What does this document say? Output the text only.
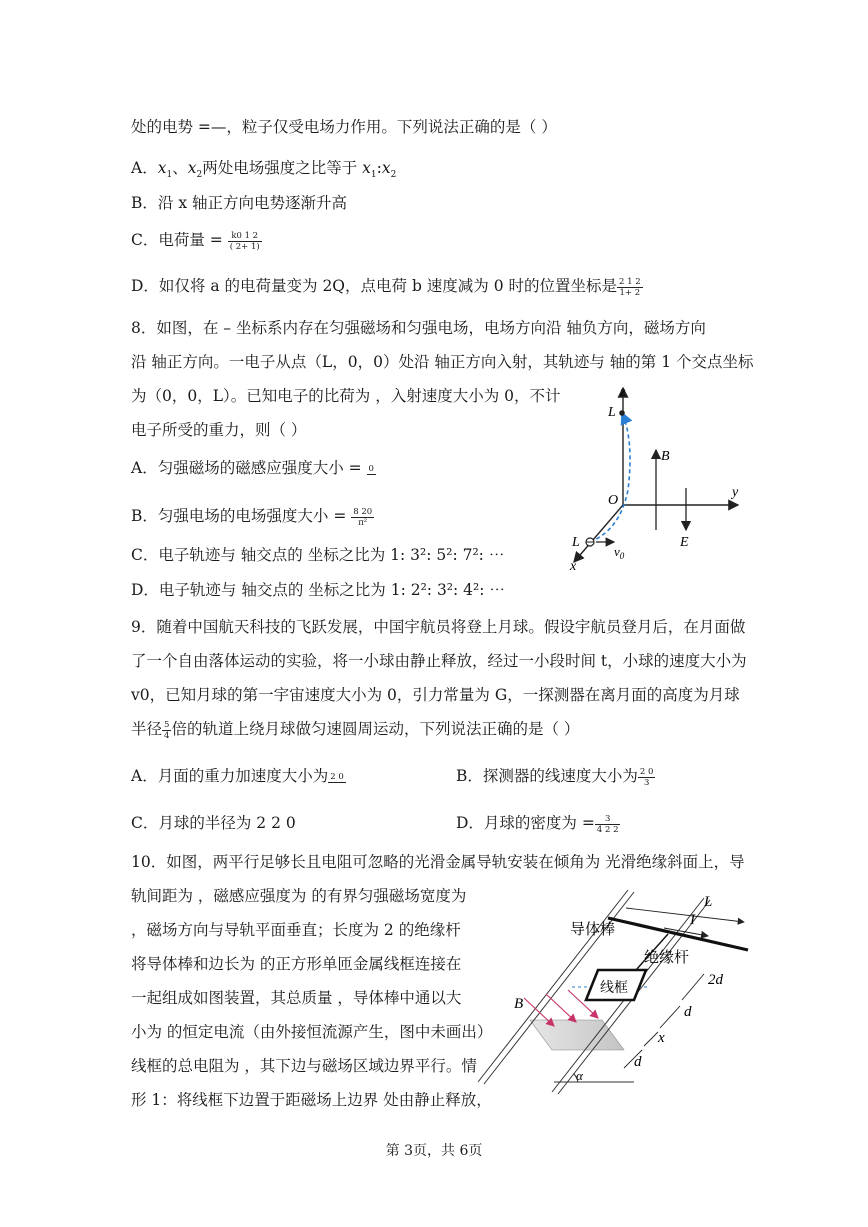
处的电势 =—，粒子仅受电场力作用。下列说法正确的是（ ）
A．$x_1$、$x_2$两处电场强度之比等于 $x_1:x_2$
B．沿 x 轴正方向电势逐渐升高
C．电荷量 = $\frac{k0 1 2}{( 2+ 1)}$
D．如仅将 a 的电荷量变为 2Q，点电荷 b 速度减为 0 时的位置坐标是 $\frac{2 1 2}{1+ 2}$
8．如图，在 – 坐标系内存在匀强磁场和匀强电场，电场方向沿 轴负方向，磁场方向
沿 轴正方向。一电子从点（L，0，0）处沿 轴正方向入射，其轨迹与 轴的第 1 个交点坐标
为（0，0，L）。已知电子的比荷为 ，入射速度大小为 0，不计
电子所受的重力，则（ ）
A．匀强磁场的磁感应强度大小 = 0
B．匀强电场的电场强度大小 = $\frac{8 20}{\text{π²}}$
C．电子轨迹与 轴交点的 坐标之比为 1: 3²: 5²: 7²: ⋯
D．电子轨迹与 轴交点的 坐标之比为 1: 2²: 3²: 4²: ⋯
z
y
x
L
L
O
B
E
$v_0$
9．随着中国航天科技的飞跃发展，中国宇航员将登上月球。假设宇航员登月后，在月面做
了一个自由落体运动的实验，将一小球由静止释放，经过一小段时间 t，小球的速度大小为
v0，已知月球的第一宇宙速度大小为 0，引力常量为 G，一探测器在离月面的高度为月球
半径 $\frac{5}{4}$ 倍的轨道上绕月球做匀速圆周运动，下列说法正确的是（ ）
A．月面的重力加速度大小为 2 0	B．探测器的线速度大小为 $\frac{2 0}{3}$
C．月球的半径为 2 2 0	D．月球的密度为 = $\frac{3}{4 2 2}$
10．如图，两平行足够长且电阻可忽略的光滑金属导轨安装在倾角为 光滑绝缘斜面上，导
轨间距为 ，磁感应强度为 的有界匀强磁场宽度为
，磁场方向与导轨平面垂直；长度为 2 的绝缘杆
将导体棒和边长为 的正方形单匝金属线框连接在
一起组成如图装置，其总质量 ，导体棒中通以大
小为 的恒定电流（由外接恒流源产生，图中未画出）
线框的总电阻为 ，其下边与磁场区域边界平行。情
形 1：将线框下边置于距磁场上边界 处由静止释放，
导体棒
绝缘杆
线框
L
I
2d
d
x
d
B
α
第 3页，共 6页
